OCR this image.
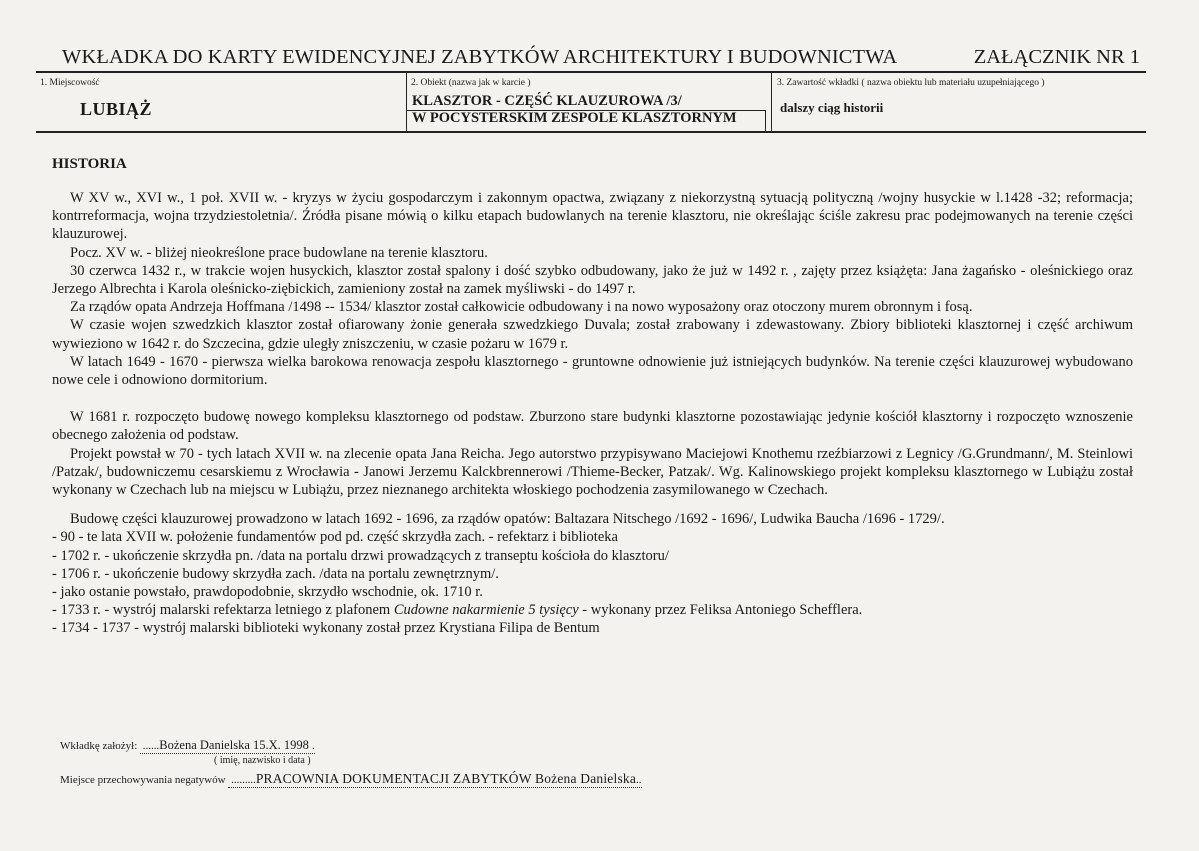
WKŁADKA DO KARTY EWIDENCYJNEJ ZABYTKÓW ARCHITEKTURY I BUDOWNICTWA	ZAŁĄCZNIK NR 1
1. Miejscowość
LUBIĄŻ
2. Obiekt (nazwa jak w karcie )
KLASZTOR - CZĘŚĆ KLAUZUROWA /3/
W POCYSTERSKIM ZESPOLE KLASZTORNYM
3. Zawartość wkładki ( nazwa obiektu lub materiału uzupełniającego )
dalszy ciąg historii
HISTORIA

W XV w., XVI w., 1 poł. XVII w. - kryzys w życiu gospodarczym i zakonnym opactwa, związany z niekorzystną sytuacją polityczną /wojny husyckie w l.1428 -32; reformacja; kontrreformacja, wojna trzydziestoletnia/. Źródła pisane mówią o kilku etapach budowlanych na terenie klasztoru, nie określając ściśle zakresu prac podejmowanych na terenie części klauzurowej.

Pocz. XV w. - bliżej nieokreślone prace budowlane na terenie klasztoru.

30 czerwca 1432 r., w trakcie wojen husyckich, klasztor został spalony i dość szybko odbudowany, jako że już w 1492 r. , zajęty przez książęta: Jana żagańsko - oleśnickiego oraz Jerzego Albrechta i Karola oleśnicko-ziębickich, zamieniony został na zamek myśliwski - do 1497 r.

Za rządów opata Andrzeja Hoffmana /1498 -- 1534/ klasztor został całkowicie odbudowany i na nowo wyposażony oraz otoczony murem obronnym i fosą.

W czasie wojen szwedzkich klasztor został ofiarowany żonie generała szwedzkiego Duvala; został zrabowany i zdewastowany. Zbiory biblioteki klasztornej i część archiwum wywieziono w 1642 r. do Szczecina, gdzie uległy zniszczeniu, w czasie pożaru w 1679 r.

W latach 1649 - 1670 - pierwsza wielka barokowa renowacja zespołu klasztornego - gruntowne odnowienie już istniejących budynków. Na terenie części klauzurowej wybudowano nowe cele i odnowiono dormitorium.

W 1681 r. rozpoczęto budowę nowego kompleksu klasztornego od podstaw. Zburzono stare budynki klasztorne pozostawiając jedynie kościół klasztorny i rozpoczęto wznoszenie obecnego założenia od podstaw.

Projekt powstał w 70 - tych latach XVII w. na zlecenie opata Jana Reicha. Jego autorstwo przypisywano Maciejowi Knothemu rzeźbiarzowi z Legnicy /G.Grundmann/, M. Steinlowi /Patzak/, budowniczemu cesarskiemu z Wrocławia - Janowi Jerzemu Kalckbrennerowi /Thieme-Becker, Patzak/. Wg. Kalinowskiego projekt kompleksu klasztornego w Lubiążu został wykonany w Czechach lub na miejscu w Lubiążu, przez nieznanego architekta włoskiego pochodzenia zasymilowanego w Czechach.

Budowę części klauzurowej prowadzono w latach 1692 - 1696, za rządów opatów: Baltazara Nitschego /1692 - 1696/, Ludwika Baucha /1696 - 1729/.

- 90 - te lata XVII w. położenie fundamentów pod pd. część skrzydła zach. - refektarz i biblioteka
- 1702 r. - ukończenie skrzydła pn. /data na portalu drzwi prowadzących z transeptu kościoła do klasztoru/
- 1706 r. - ukończenie budowy skrzydła zach. /data na portalu zewnętrznym/.
- jako ostanie powstało, prawdopodobnie, skrzydło wschodnie, ok. 1710 r.
- 1733 r. - wystrój malarski refektarza letniego z plafonem Cudowne nakarmienie 5 tysięcy - wykonany przez Feliksa Antoniego Schefflera.
- 1734 - 1737 - wystrój malarski biblioteki wykonany został przez Krystiana Filipa de Bentum
Wkładkę założył:  ......Bożena Danielska 15.X. 1998 .
( imię, nazwisko i data )
Miejsce przechowywania negatywów  .........PRACOWNIA DOKUMENTACJI ZABYTKÓW Bożena Danielska..
